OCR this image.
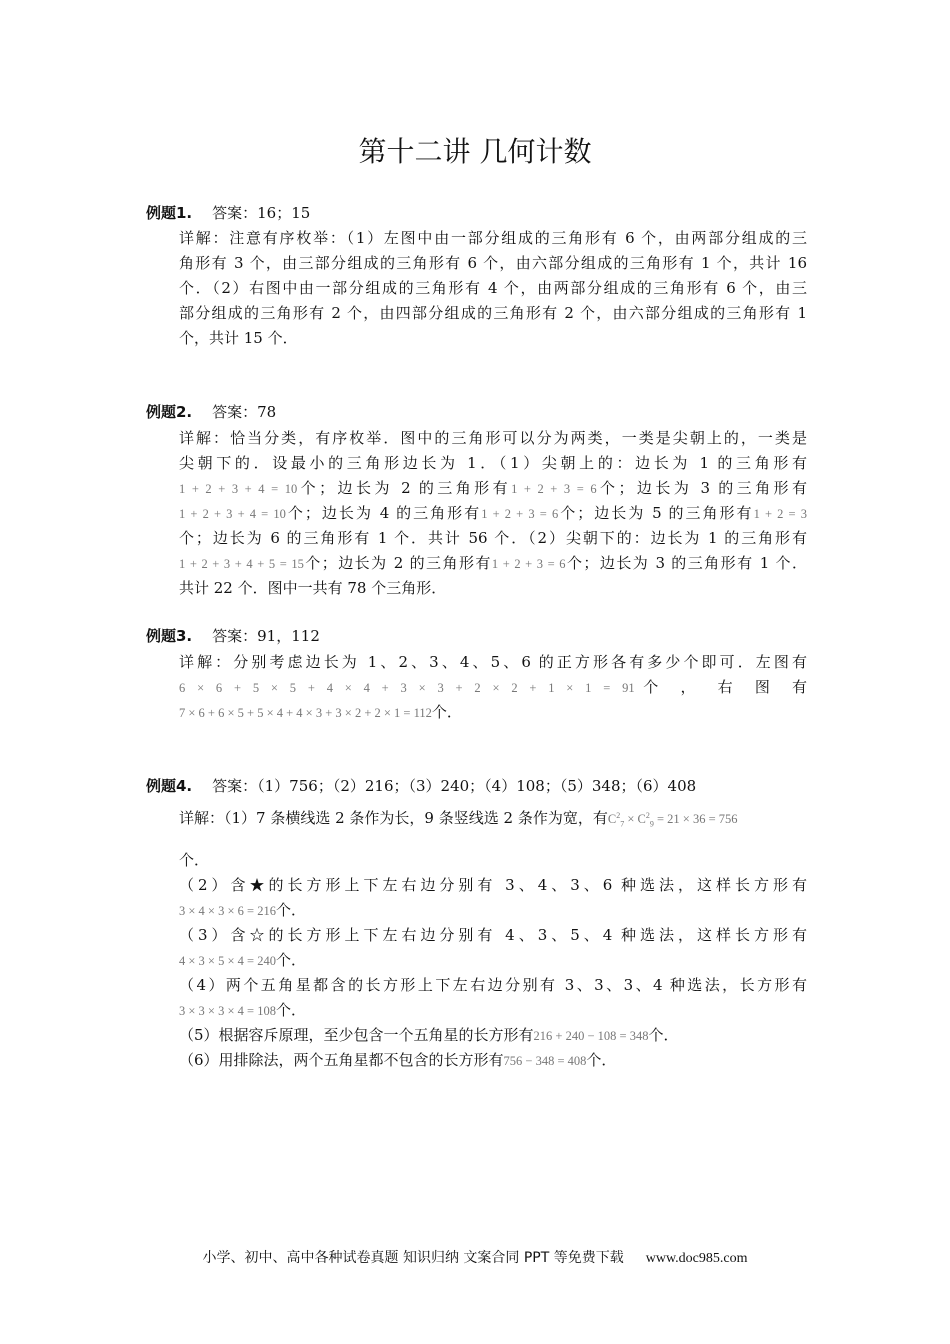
第十二讲 几何计数
例题1. 答案：16；15
详解：注意有序枚举：（1）左图中由一部分组成的三角形有 6 个，由两部分组成的三
角形有 3 个，由三部分组成的三角形有 6 个，由六部分组成的三角形有 1 个，共计 16
个．（2）右图中由一部分组成的三角形有 4 个，由两部分组成的三角形有 6 个，由三
部分组成的三角形有 2 个，由四部分组成的三角形有 2 个，由六部分组成的三角形有 1
个，共计 15 个．
例题2. 答案：78
详解：恰当分类，有序枚举．图中的三角形可以分为两类，一类是尖朝上的，一类是
尖朝下的．设最小的三角形边长为 1．（1）尖朝上的：边长为 1 的三角形有
1 + 2 + 3 + 4 = 10个；边长为 2 的三角形有1 + 2 + 3 = 6个；边长为 3 的三角形有
1 + 2 + 3 + 4 = 10个；边长为 4 的三角形有1 + 2 + 3 = 6个；边长为 5 的三角形有1 + 2 = 3
个；边长为 6 的三角形有 1 个．共计 56 个．（2）尖朝下的：边长为 1 的三角形有
1 + 2 + 3 + 4 + 5 = 15个；边长为 2 的三角形有1 + 2 + 3 = 6个；边长为 3 的三角形有 1 个．
共计 22 个．图中一共有 78 个三角形．
例题3. 答案：91，112
详解：分别考虑边长为 1、2、3、4、5、6 的正方形各有多少个即可．左图有
6 × 6 + 5 × 5 + 4 × 4 + 3 × 3 + 2 × 2 + 1 × 1 = 91个 ， 右 图 有
7 × 6 + 6 × 5 + 5 × 4 + 4 × 3 + 3 × 2 + 2 × 1 = 112个．
例题4. 答案：（1）756；（2）216；（3）240；（4）108；（5）348；（6）408
详解：（1）7 条横线选 2 条作为长，9 条竖线选 2 条作为宽，有$C^2_7 \times C^2_9 = 21 \times 36 = 756$
个．
（2）含★的长方形上下左右边分别有 3、4、3、6 种选法，这样长方形有
3 × 4 × 3 × 6 = 216个．
（3）含☆的长方形上下左右边分别有 4、3、5、4 种选法，这样长方形有
4 × 3 × 5 × 4 = 240个．
（4）两个五角星都含的长方形上下左右边分别有 3、3、3、4 种选法，长方形有
3 × 3 × 3 × 4 = 108个．
（5）根据容斥原理，至少包含一个五角星的长方形有216 + 240 − 108 = 348个．
（6）用排除法，两个五角星都不包含的长方形有756 − 348 = 408个．
小学、初中、高中各种试卷真题 知识归纳 文案合同 PPT 等免费下载 www.doc985.com
